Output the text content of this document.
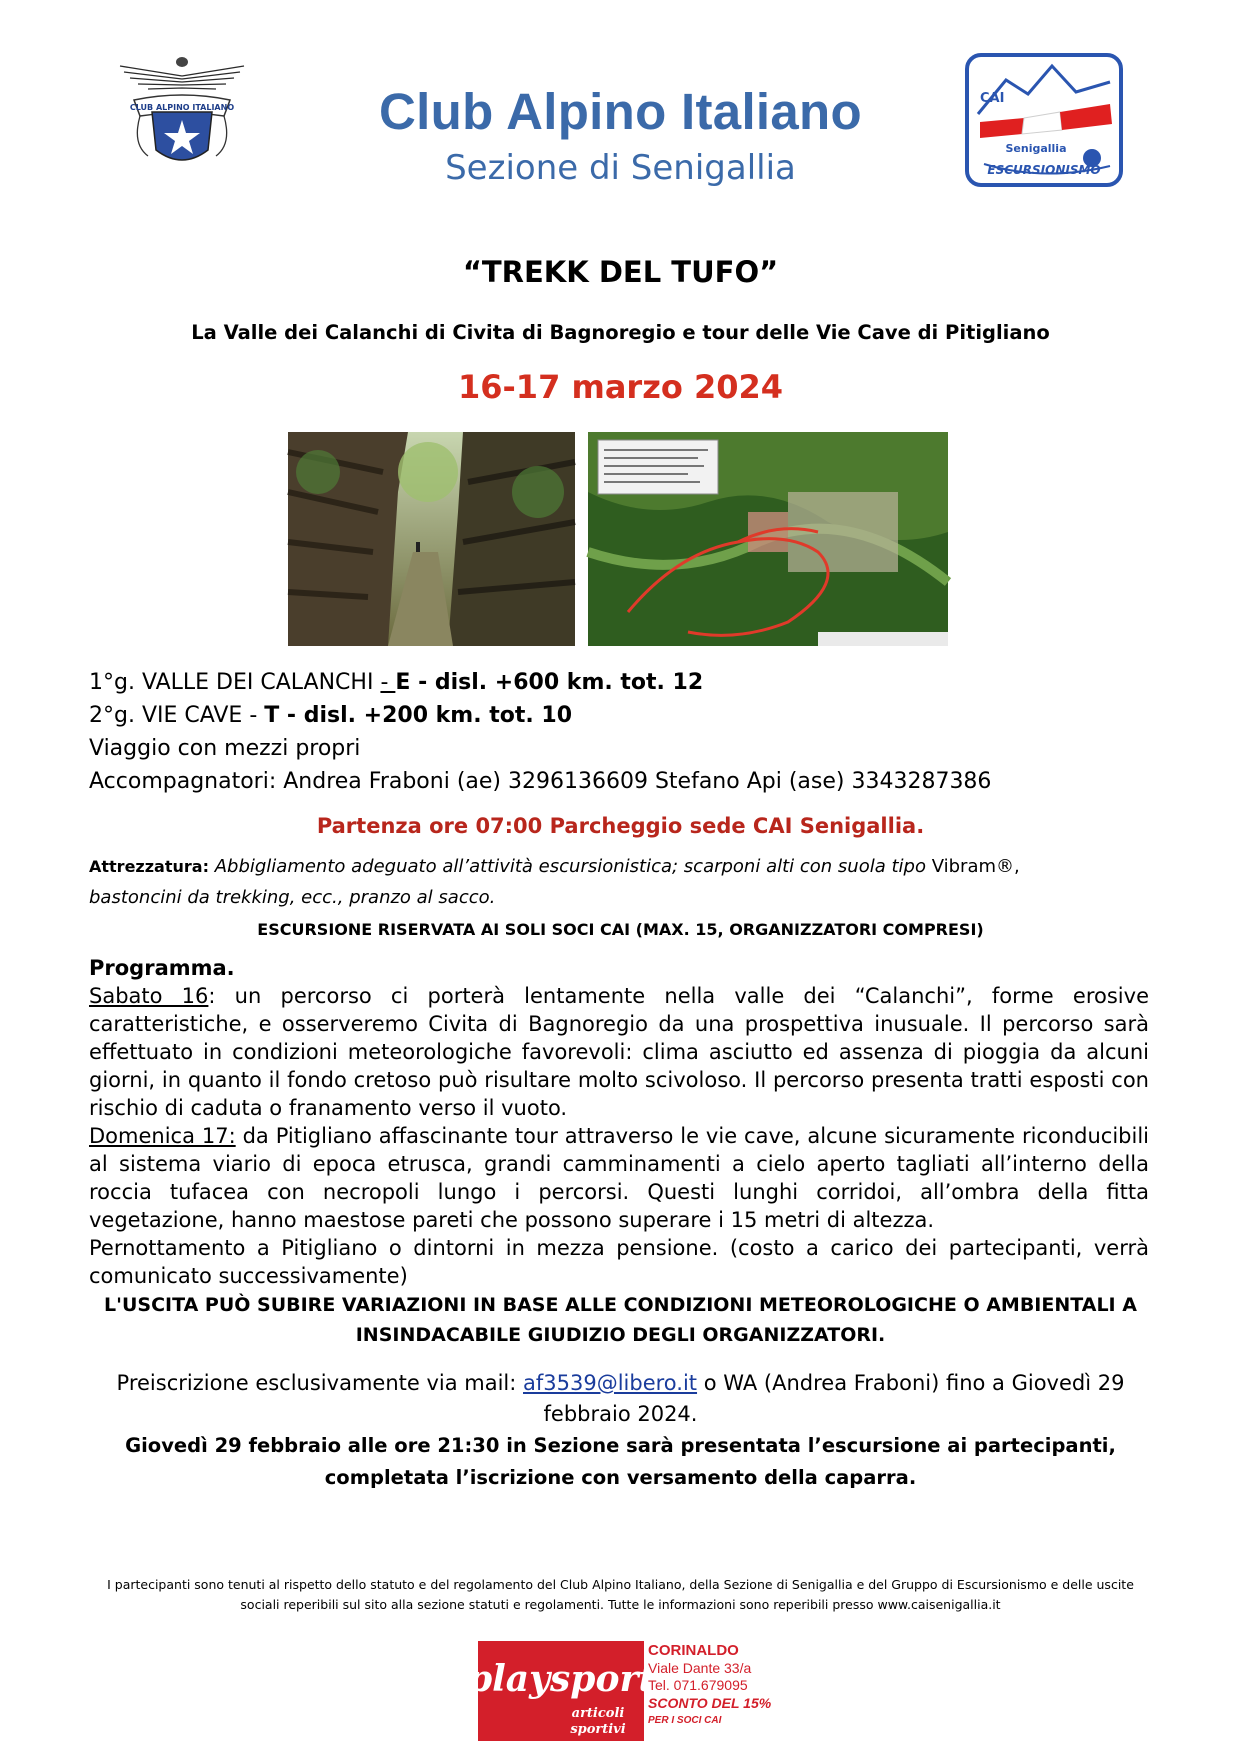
CLUB ALPINO ITALIANO	Club Alpino Italiano
Sezione di Senigallia
CAI
Senigallia
ESCURSIONISMO
“TREKK DEL TUFO”
La Valle dei Calanchi di Civita di Bagnoregio e tour delle Vie Cave di Pitigliano
16-17 marzo 2024
1°g. VALLE DEI CALANCHI - E - disl. +600 km. tot. 12
2°g. VIE CAVE - T - disl. +200 km. tot. 10
Viaggio con mezzi propri
Accompagnatori: Andrea Fraboni (ae) 3296136609 Stefano Api (ase) 3343287386
Partenza ore 07:00 Parcheggio sede CAI Senigallia.
Attrezzatura: Abbigliamento adeguato all’attività escursionistica; scarponi alti con suola tipo Vibram®,
bastoncini da trekking, ecc., pranzo al sacco.
ESCURSIONE RISERVATA AI SOLI SOCI CAI (MAX. 15, ORGANIZZATORI COMPRESI)

Programma.

Sabato 16: un percorso ci porterà lentamente nella valle dei “Calanchi”, forme erosive caratteristiche, e osserveremo Civita di Bagnoregio da una prospettiva inusuale. Il percorso sarà effettuato in condizioni meteorologiche favorevoli: clima asciutto ed assenza di pioggia da alcuni giorni, in quanto il fondo cretoso può risultare molto scivoloso. Il percorso presenta tratti esposti con rischio di caduta o franamento verso il vuoto.

Domenica 17: da Pitigliano affascinante tour attraverso le vie cave, alcune sicuramente riconducibili al sistema viario di epoca etrusca, grandi camminamenti a cielo aperto tagliati all’interno della roccia tufacea con necropoli lungo i percorsi. Questi lunghi corridoi, all’ombra della fitta vegetazione, hanno maestose pareti che possono superare i 15 metri di altezza.

Pernottamento a Pitigliano o dintorni in mezza pensione. (costo a carico dei partecipanti, verrà comunicato successivamente)

L'USCITA PUÒ SUBIRE VARIAZIONI IN BASE ALLE CONDIZIONI METEOROLOGICHE O AMBIENTALI A
INSINDACABILE GIUDIZIO DEGLI ORGANIZZATORI.
Preiscrizione esclusivamente via mail: af3539@libero.it o WA (Andrea Fraboni) fino a Giovedì 29 febbraio 2024.
Giovedì 29 febbraio alle ore 21:30 in Sezione sarà presentata l’escursione ai partecipanti,
completata l’iscrizione con versamento della caparra.
I partecipanti sono tenuti al rispetto dello statuto e del regolamento del Club Alpino Italiano, della Sezione di Senigallia e del Gruppo di Escursionismo e delle uscite sociali reperibili sul sito alla sezione statuti e regolamenti. Tutte le informazioni sono reperibili presso www.caisenigallia.it
playsport
articoli
sportivi
CORINALDO
Viale Dante 33/a
Tel. 071.679095
SCONTO DEL 15%
PER I SOCI CAI
